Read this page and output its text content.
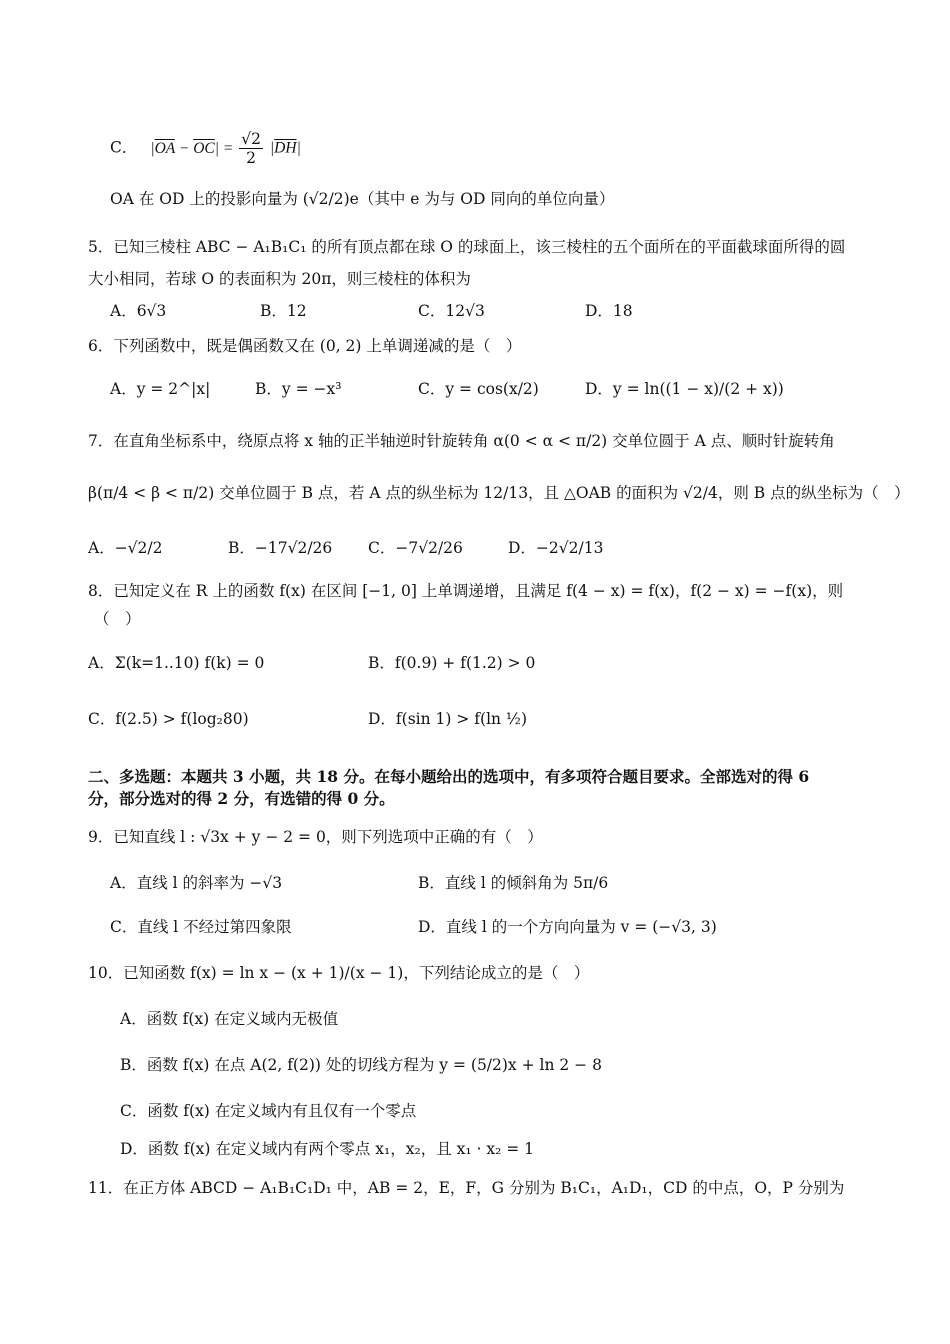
C． $|\overline{OA} - \overline{OC}| = \frac{√2}{2} |\overline{DH}|$
OA 在 OD 上的投影向量为 (√2/2)e（其中 e 为与 OD 同向的单位向量）
5．已知三棱柱 ABC − A₁B₁C₁ 的所有顶点都在球 O 的球面上，该三棱柱的五个面所在的平面截球面所得的圆
大小相同，若球 O 的表面积为 20π，则三棱柱的体积为
A．6√3	B．12	C．12√3	D．18
6．下列函数中，既是偶函数又在 (0, 2) 上单调递减的是（　）
A．y = 2^|x|	B．y = −x³	C．y = cos(x/2)	D．y = ln((1 − x)/(2 + x))
7．在直角坐标系中，绕原点将 x 轴的正半轴逆时针旋转角 α(0 < α < π/2) 交单位圆于 A 点、顺时针旋转角
β(π/4 < β < π/2) 交单位圆于 B 点，若 A 点的纵坐标为 12/13，且 △OAB 的面积为 √2/4，则 B 点的纵坐标为（　）
A．−√2/2	B．−17√2/26 C．−7√2/26	D．−2√2/13
8．已知定义在 R 上的函数 f(x) 在区间 [−1, 0] 上单调递增，且满足 f(4 − x) = f(x)，f(2 − x) = −f(x)，则
（　）
A．Σ(k=1..10) f(k) = 0	B．f(0.9) + f(1.2) > 0
C．f(2.5) > f(log₂80)	D．f(sin 1) > f(ln ½)
二、多选题：本题共 3 小题，共 18 分。在每小题给出的选项中，有多项符合题目要求。全部选对的得 6
分，部分选对的得 2 分，有选错的得 0 分。
9．已知直线 l : √3x + y − 2 = 0，则下列选项中正确的有（　）
A．直线 l 的斜率为 −√3	B．直线 l 的倾斜角为 5π/6
C．直线 l 不经过第四象限	D．直线 l 的一个方向向量为 v = (−√3, 3)
10．已知函数 f(x) = ln x − (x + 1)/(x − 1)，下列结论成立的是（　）
A．函数 f(x) 在定义域内无极值
B．函数 f(x) 在点 A(2, f(2)) 处的切线方程为 y = (5/2)x + ln 2 − 8
C．函数 f(x) 在定义域内有且仅有一个零点
D．函数 f(x) 在定义域内有两个零点 x₁，x₂，且 x₁ · x₂ = 1
11．在正方体 ABCD − A₁B₁C₁D₁ 中，AB = 2，E，F，G 分别为 B₁C₁，A₁D₁，CD 的中点，O，P 分别为
